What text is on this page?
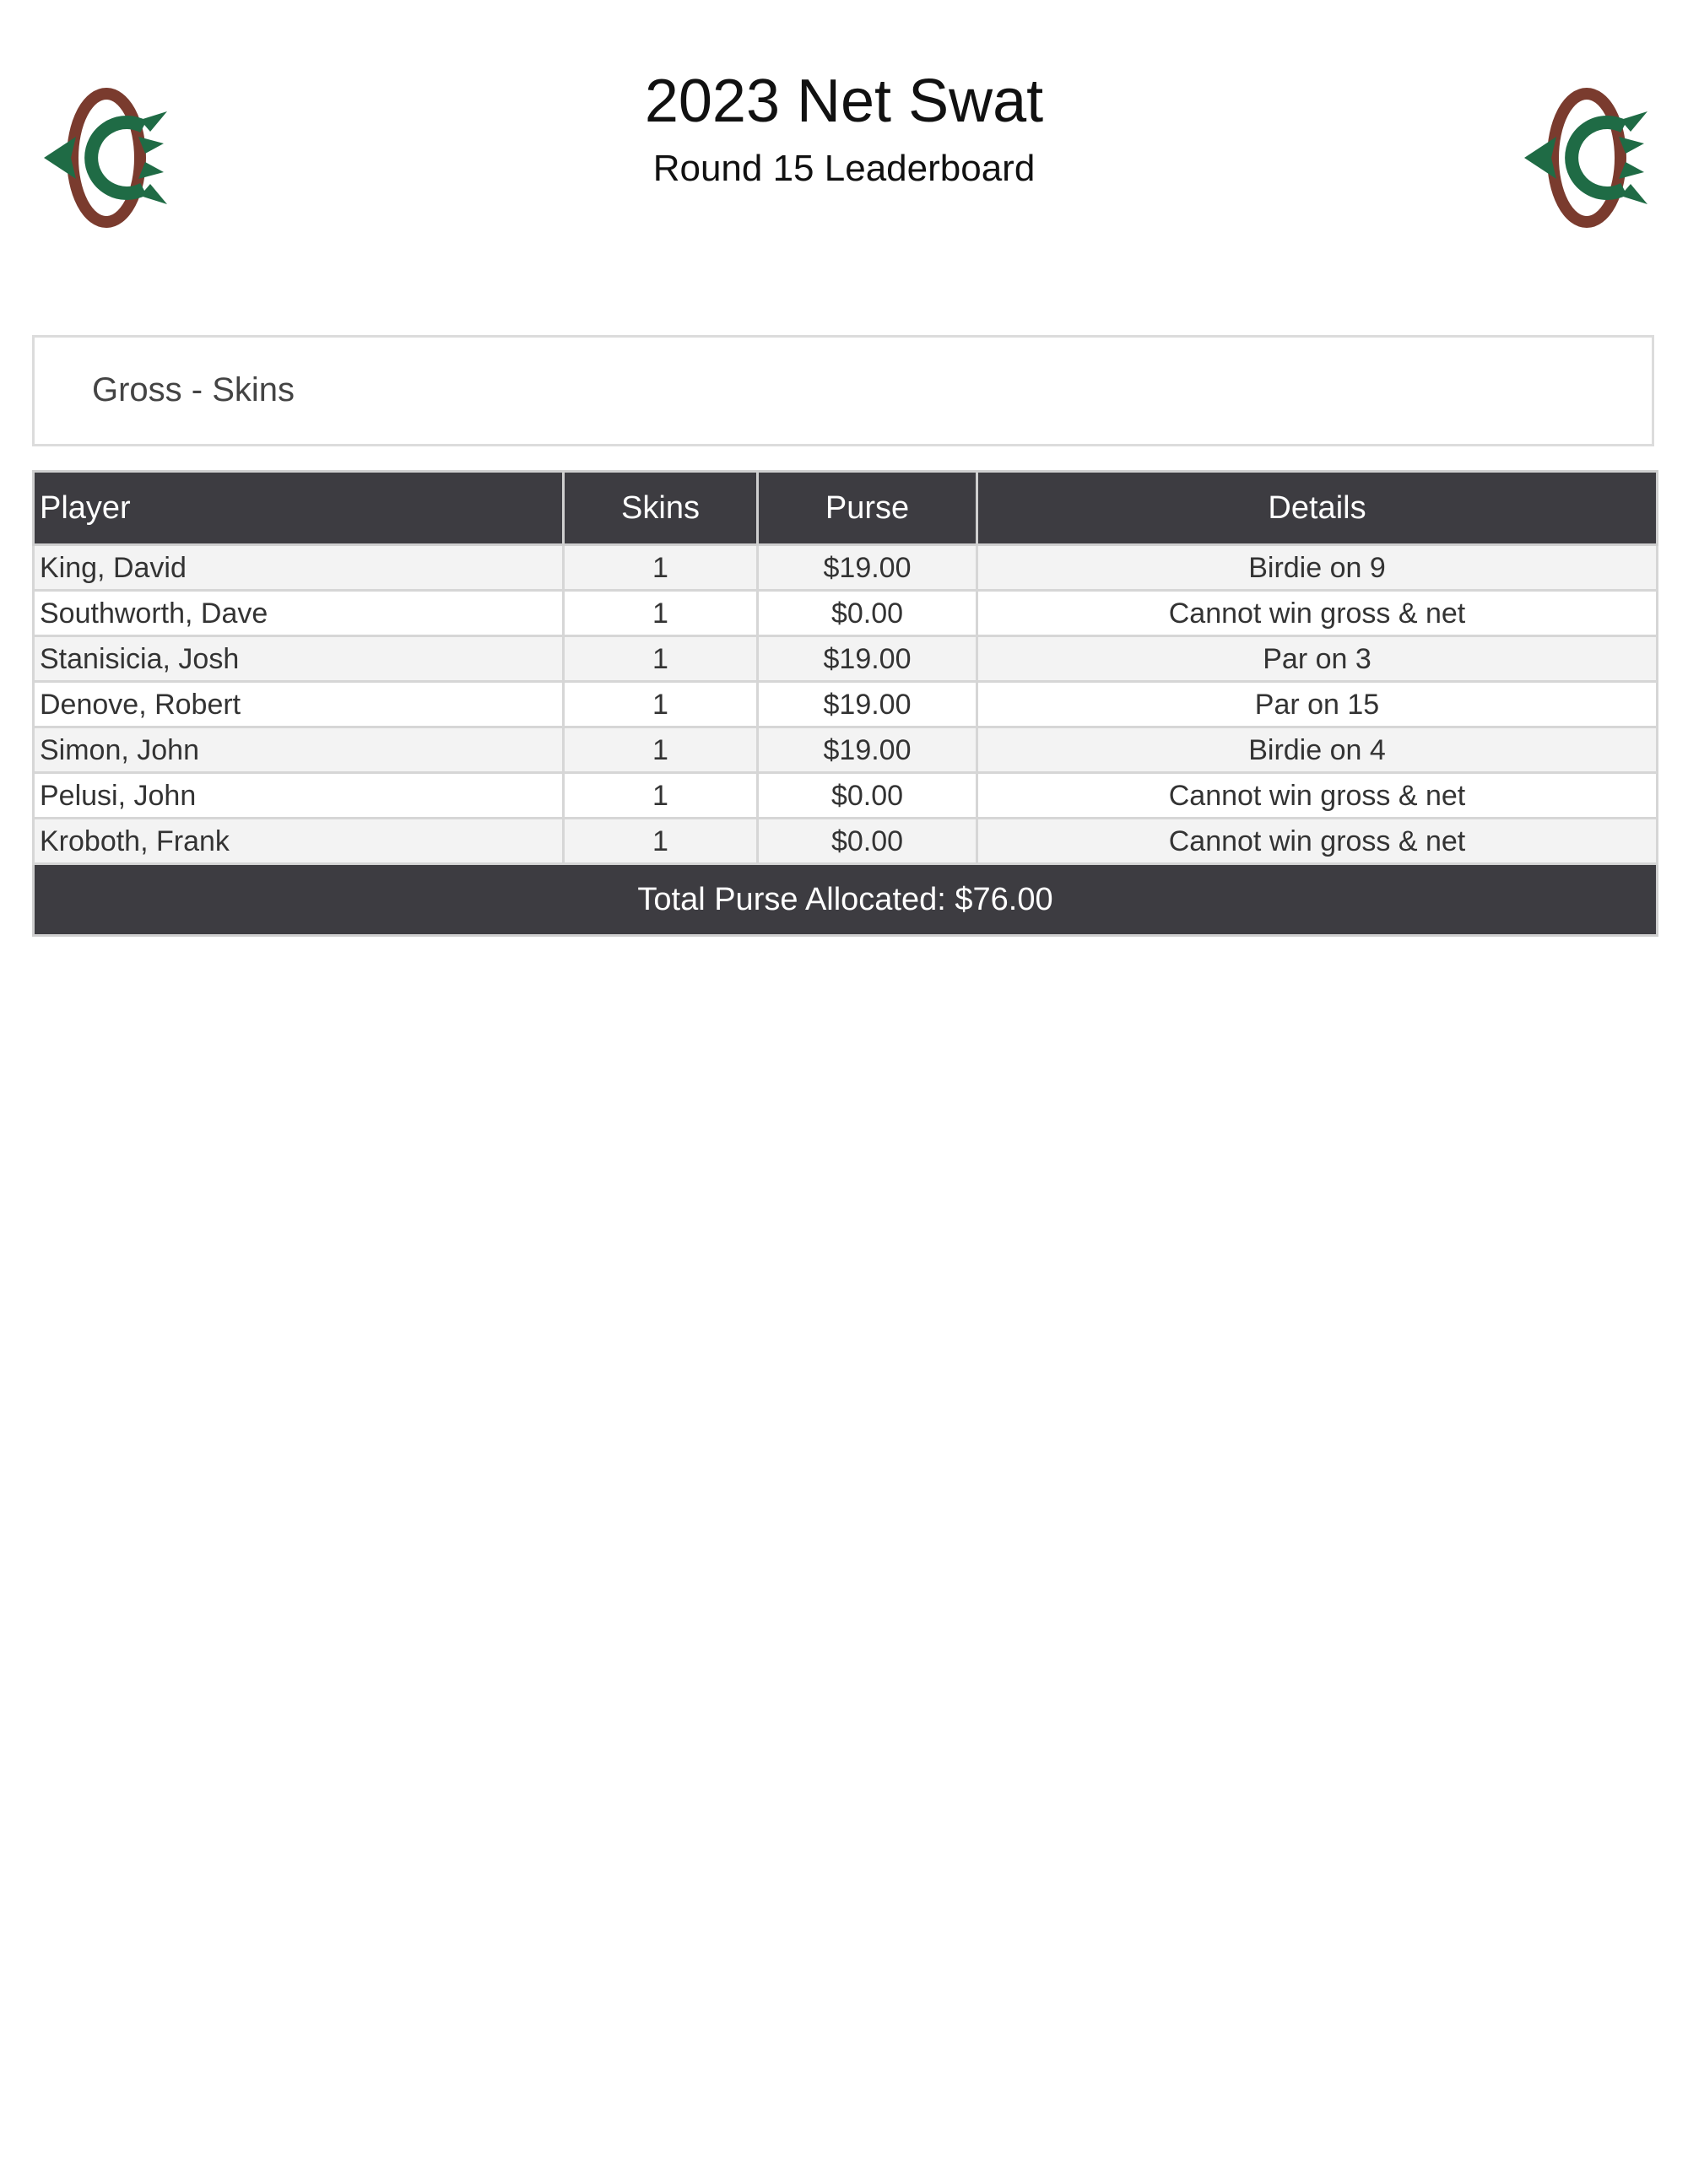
2023 Net Swat
Round 15 Leaderboard
Gross - Skins
Player	Skins	Purse	Details
King, David	1	$19.00	Birdie on 9
Southworth, Dave	1	$0.00	Cannot win gross & net
Stanisicia, Josh	1	$19.00	Par on 3
Denove, Robert	1	$19.00	Par on 15
Simon, John	1	$19.00	Birdie on 4
Pelusi, John	1	$0.00	Cannot win gross & net
Kroboth, Frank	1	$0.00	Cannot win gross & net
Total Purse Allocated: $76.00			
